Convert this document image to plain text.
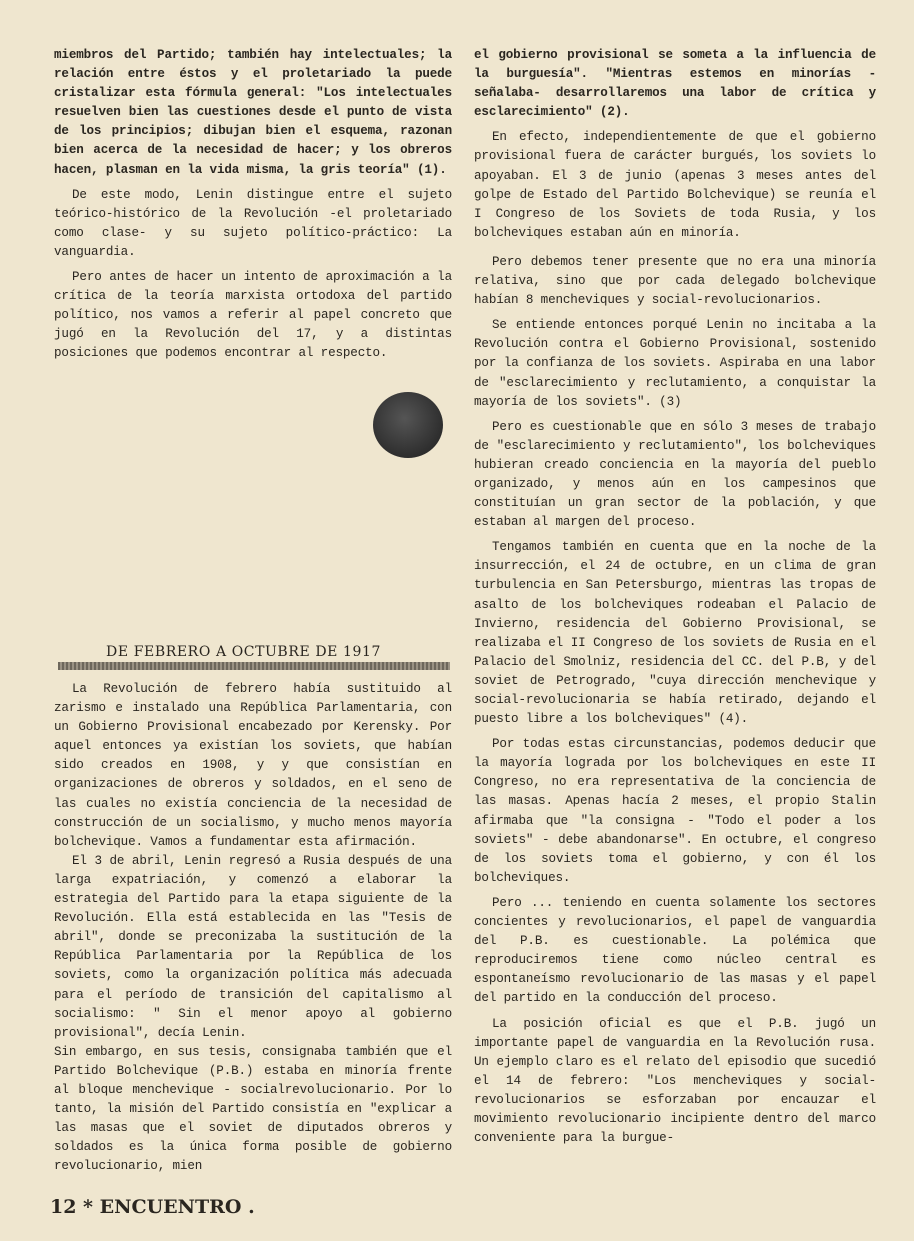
miembros del Partido; también hay intelectuales; la relación entre éstos y el proletariado la puede cristalizar esta fórmula general: "Los intelectuales resuelven bien las cuestiones desde el punto de vista de los principios; dibujan bien el esquema, razonan bien acerca de la necesidad de hacer; y los obreros hacen, plasman en la vida misma, la gris teoría" (1).

De este modo, Lenin distingue entre el sujeto teórico-histórico de la Revolución -el proletariado como clase- y su sujeto político-práctico: La vanguardia.

Pero antes de hacer un intento de aproximación a la crítica de la teoría marxista ortodoxa del partido político, nos vamos a referir al papel concreto que jugó en la Revolución del 17, y a distintas posiciones que podemos encontrar al respecto.

DE FEBRERO A OCTUBRE DE 1917

La Revolución de febrero había sustituido al zarismo e instalado una República Parlamentaria, con un Gobierno Provisional encabezado por Kerensky. Por aquel entonces ya existían los soviets, que habían sido creados en 1908, y y que consistían en organizaciones de obreros y soldados, en el seno de las cuales no existía conciencia de la necesidad de construcción de un socialismo, y mucho menos mayoría bolchevique. Vamos a fundamentar esta afirmación.

El 3 de abril, Lenin regresó a Rusia después de una larga expatriación, y comenzó a elaborar la estrategia del Partido para la etapa siguiente de la Revolución. Ella está establecida en las "Tesis de abril", donde se preconizaba la sustitución de la República Parlamentaria por la República de los soviets, como la organización política más adecuada para el período de transición del capitalismo al socialismo: " Sin el menor apoyo al gobierno provisional", decía Lenin.

Sin embargo, en sus tesis, consignaba también que el Partido Bolchevique (P.B.) estaba en minoría frente al bloque menchevique - socialrevolucionario. Por lo tanto, la misión del Partido consistía en "explicar a las masas que el soviet de diputados obreros y soldados es la única forma posible de gobierno revolucionario, mien

el gobierno provisional se someta a la influencia de la burguesía". "Mientras estemos en minorías -señalaba- desarrollaremos una labor de crítica y esclarecimiento" (2).

En efecto, independientemente de que el gobierno provisional fuera de carácter burgués, los soviets lo apoyaban. El 3 de junio (apenas 3 meses antes del golpe de Estado del Partido Bolchevique) se reunía el I Congreso de los Soviets de toda Rusia, y los bolcheviques estaban aún en minoría.

Pero debemos tener presente que no era una minoría relativa, sino que por cada delegado bolchevique habían 8 mencheviques y social-revolucionarios.

Se entiende entonces porqué Lenin no incitaba a la Revolución contra el Gobierno Provisional, sostenido por la confianza de los soviets. Aspiraba en una labor de "esclarecimiento y reclutamiento, a conquistar la mayoría de los soviets". (3)

Pero es cuestionable que en sólo 3 meses de trabajo de "esclarecimiento y reclutamiento", los bolcheviques hubieran creado conciencia en la mayoría del pueblo organizado, y menos aún en los campesinos que constituían un gran sector de la población, y que estaban al margen del proceso.

Tengamos también en cuenta que en la noche de la insurrección, el 24 de octubre, en un clima de gran turbulencia en San Petersburgo, mientras las tropas de asalto de los bolcheviques rodeaban el Palacio de Invierno, residencia del Gobierno Provisional, se realizaba el II Congreso de los soviets de Rusia en el Palacio del Smolniz, residencia del CC. del P.B, y del soviet de Petrogrado, "cuya dirección menchevique y social-revolucionaria se había retirado, dejando el puesto libre a los bolcheviques" (4).

Por todas estas circunstancias, podemos deducir que la mayoría lograda por los bolcheviques en este II Congreso, no era representativa de la conciencia de las masas. Apenas hacía 2 meses, el propio Stalin afirmaba que "la consigna - "Todo el poder a los soviets" - debe abandonarse". En octubre, el congreso de los soviets toma el gobierno, y con él los bolcheviques.

Pero ... teniendo en cuenta solamente los sectores concientes y revolucionarios, el papel de vanguardia del P.B. es cuestionable. La polémica que reproduciremos tiene como núcleo central es espontaneísmo revolucionario de las masas y el papel del partido en la conducción del proceso.

La posición oficial es que el P.B. jugó un importante papel de vanguardia en la Revolución rusa. Un ejemplo claro es el relato del episodio que sucedió el 14 de febrero: "Los mencheviques y social-revolucionarios se esforzaban por encauzar el movimiento revolucionario incipiente dentro del marco conveniente para la burgue-

12 * ENCUENTRO .
